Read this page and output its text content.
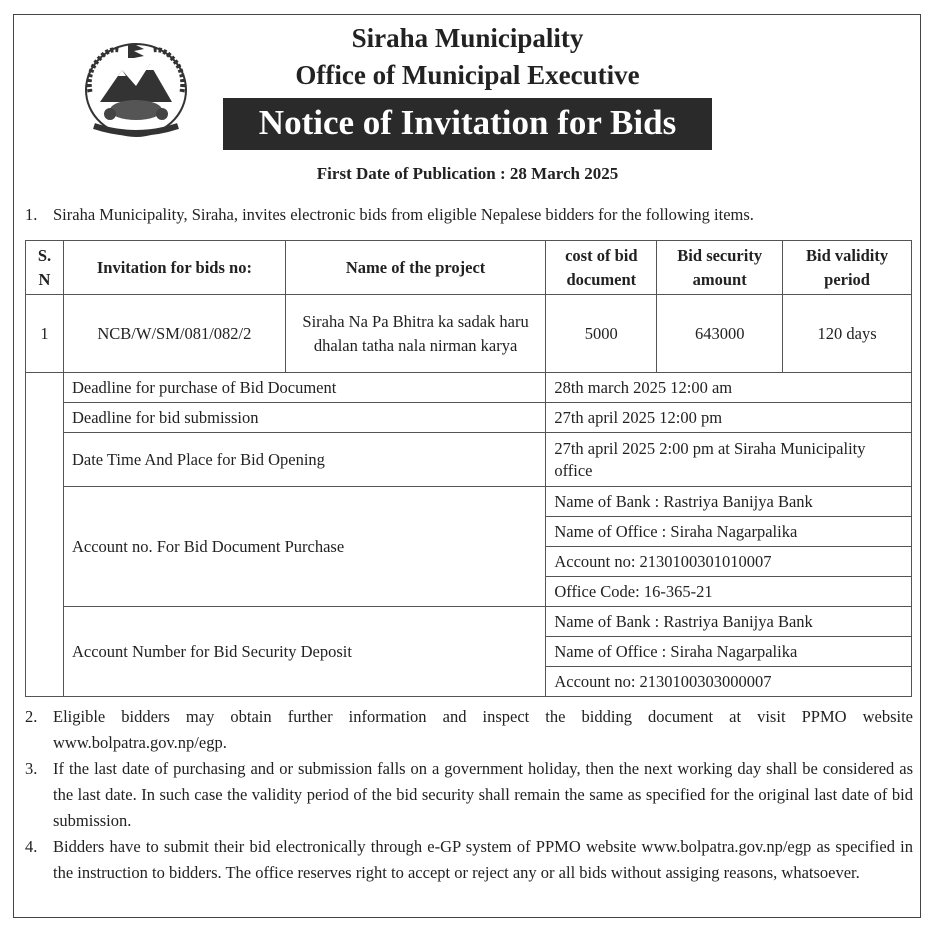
Siraha Municipality
Office of Municipal Executive
Notice of Invitation for Bids
First Date of Publication : 28 March 2025
1. Siraha Municipality, Siraha, invites electronic bids from eligible Nepalese bidders for the following items.
S. N	Invitation for bids no:	Name of the project	cost of bid document	Bid security amount	Bid validity period
1	NCB/W/SM/081/082/2	Siraha Na Pa Bhitra ka sadak haru dhalan tatha nala nirman karya	5000	643000	120 days
	Deadline for purchase of Bid Document	28th march 2025 12:00 am
	Deadline for bid submission	27th april 2025 12:00 pm
	Date Time And Place for Bid Opening	27th april 2025 2:00 pm at Siraha Municipality office
	Account no. For Bid Document Purchase	Name of Bank : Rastriya Banijya Bank
		Name of Office : Siraha Nagarpalika
		Account no: 2130100301010007
		Office Code: 16-365-21
	Account Number for Bid Security Deposit	Name of Bank : Rastriya Banijya Bank
		Name of Office : Siraha Nagarpalika
		Account no: 2130100303000007
2. Eligible bidders may obtain further information and inspect the bidding document at visit PPMO website www.bolpatra.gov.np/egp.
3. If the last date of purchasing and or submission falls on a government holiday, then the next working day shall be considered as the last date. In such case the validity period of the bid security shall remain the same as specified for the original last date of bid submission.
4. Bidders have to submit their bid electronically through e-GP system of PPMO website www.bolpatra.gov.np/egp as specified in the instruction to bidders. The office reserves right to accept or reject any or all bids without assiging reasons, whatsoever.
